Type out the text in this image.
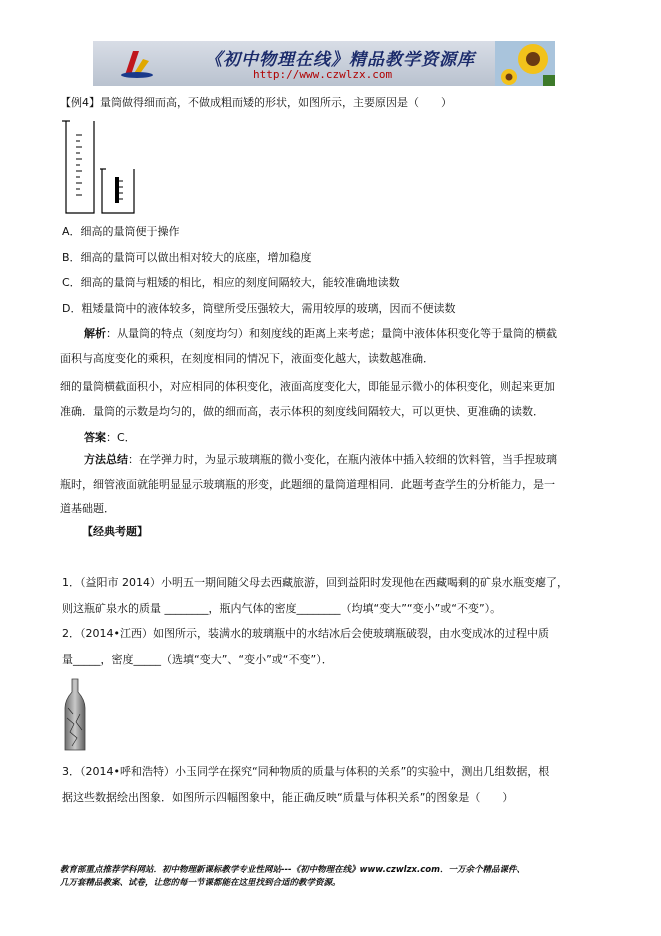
《初中物理在线》精品教学资源库
http://www.czwlzx.com
【例4】量筒做得细而高，不做成粗而矮的形状，如图所示，主要原因是（　　）
A．细高的量筒便于操作
B．细高的量筒可以做出相对较大的底座，增加稳度
C．细高的量筒与粗矮的相比，相应的刻度间隔较大，能较准确地读数
D．粗矮量筒中的液体较多，筒壁所受压强较大，需用较厚的玻璃，因而不便读数
解析：从量筒的特点（刻度均匀）和刻度线的距离上来考虑；量筒中液体体积变化等于量筒的横截
面积与高度变化的乘积，在刻度相同的情况下，液面变化越大，读数越准确．
细的量筒横截面积小，对应相同的体积变化，液面高度变化大，即能显示微小的体积变化，则起来更加
准确．量筒的示数是均匀的，做的细而高，表示体积的刻度线间隔较大，可以更快、更准确的读数．
答案：C．
方法总结：在学弹力时，为显示玻璃瓶的微小变化，在瓶内液体中插入较细的饮料管，当手捏玻璃
瓶时，细管液面就能明显显示玻璃瓶的形变，此题细的量筒道理相同．此题考查学生的分析能力，是一
道基础题．
【经典考题】
1．（益阳市 2014）小明五一期间随父母去西藏旅游，回到益阳时发现他在西藏喝剩的矿泉水瓶变瘪了，
则这瓶矿泉水的质量 ________，瓶内气体的密度________（均填“变大”“变小”或“不变”）。
2．（2014•江西）如图所示，装满水的玻璃瓶中的水结冰后会使玻璃瓶破裂，由水变成冰的过程中质
量_____，密度_____（选填“变大”、“变小”或“不变”）．
3．（2014•呼和浩特）小玉同学在探究“同种物质的质量与体积的关系”的实验中，测出几组数据，根
据这些数据绘出图象．如图所示四幅图象中，能正确反映“质量与体积关系”的图象是（　　）
教育部重点推荐学科网站．初中物理新课标教学专业性网站---《初中物理在线》www.czwlzx.com．一万余个精品课件、
几万套精品教案、试卷，让您的每一节课都能在这里找到合适的教学资源。
